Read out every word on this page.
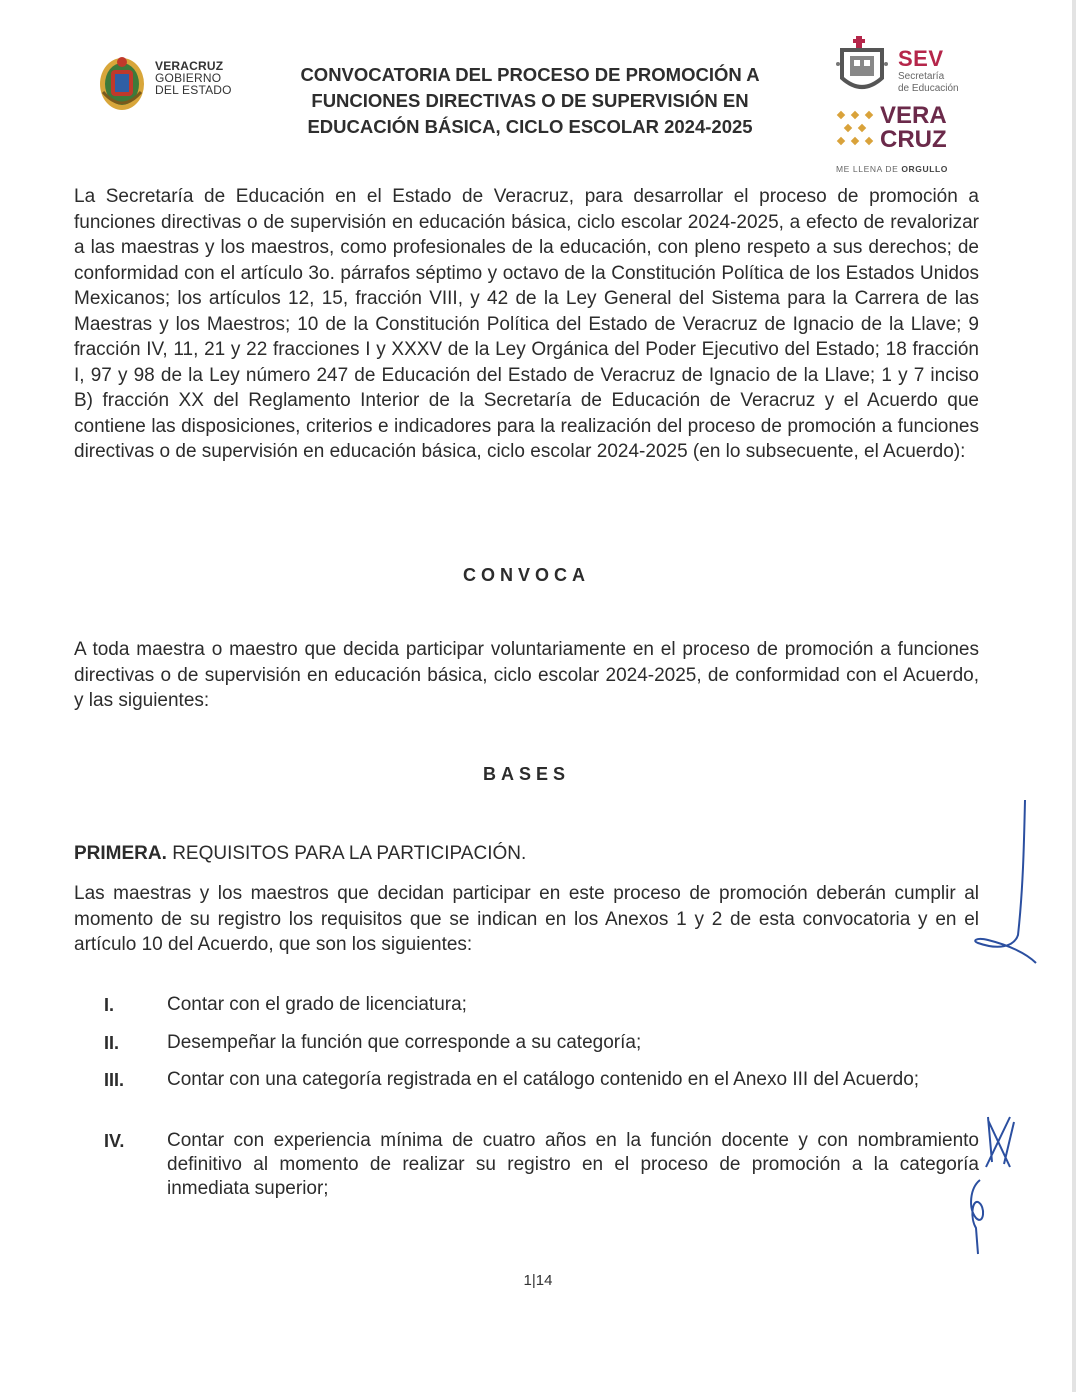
VERACRUZ
GOBIERNO
DEL ESTADO
CONVOCATORIA DEL PROCESO DE PROMOCIÓN A
FUNCIONES DIRECTIVAS O DE SUPERVISIÓN EN
EDUCACIÓN BÁSICA, CICLO ESCOLAR 2024-2025
SEV
Secretaría
de Educación
VERA
CRUZ
ME LLENA DE ORGULLO
La Secretaría de Educación en el Estado de Veracruz, para desarrollar el proceso de promoción a funciones directivas o de supervisión en educación básica, ciclo escolar 2024-2025, a efecto de revalorizar a las maestras y los maestros, como profesionales de la educación, con pleno respeto a sus derechos; de conformidad con el artículo 3o. párrafos séptimo y octavo de la Constitución Política de los Estados Unidos Mexicanos; los artículos 12, 15, fracción VIII, y 42 de la Ley General del Sistema para la Carrera de las Maestras y los Maestros; 10 de la Constitución Política del Estado de Veracruz de Ignacio de la Llave; 9 fracción IV, 11, 21 y 22 fracciones I y XXXV de la Ley Orgánica del Poder Ejecutivo del Estado; 18 fracción I, 97 y 98 de la Ley número 247 de Educación del Estado de Veracruz de Ignacio de la Llave; 1 y 7 inciso B) fracción XX del Reglamento Interior de la Secretaría de Educación de Veracruz y el Acuerdo que contiene las disposiciones, criterios e indicadores para la realización del proceso de promoción a funciones directivas o de supervisión en educación básica, ciclo escolar 2024-2025 (en lo subsecuente, el Acuerdo):
CONVOCA
A toda maestra o maestro que decida participar voluntariamente en el proceso de promoción a funciones directivas o de supervisión en educación básica, ciclo escolar 2024-2025, de conformidad con el Acuerdo, y las siguientes:
BASES
PRIMERA. REQUISITOS PARA LA PARTICIPACIÓN.
Las maestras y los maestros que decidan participar en este proceso de promoción deberán cumplir al momento de su registro los requisitos que se indican en los Anexos 1 y 2 de esta convocatoria y en el artículo 10 del Acuerdo, que son los siguientes:
I.	Contar con el grado de licenciatura;
II.	Desempeñar la función que corresponde a su categoría;
III. Contar con una categoría registrada en el catálogo contenido en el Anexo III del Acuerdo;
IV. Contar con experiencia mínima de cuatro años en la función docente y con nombramiento definitivo al momento de realizar su registro en el proceso de promoción a la categoría inmediata superior;
1|14
